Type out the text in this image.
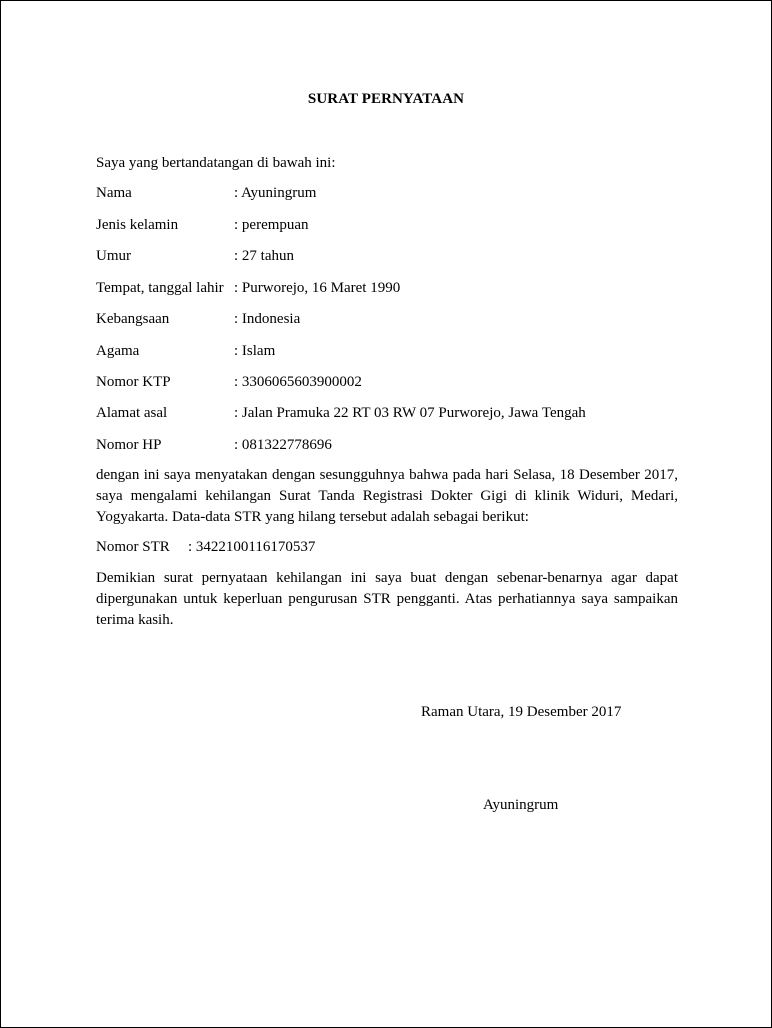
SURAT PERNYATAAN
Saya yang bertandatangan di bawah ini:
Nama	: Ayuningrum
Jenis kelamin	: perempuan
Umur	: 27 tahun
Tempat, tanggal lahir : Purworejo, 16 Maret 1990
Kebangsaan	: Indonesia
Agama	: Islam
Nomor KTP	: 3306065603900002
Alamat asal	: Jalan Pramuka 22 RT 03 RW 07 Purworejo, Jawa Tengah
Nomor HP	: 081322778696
dengan ini saya menyatakan dengan sesungguhnya bahwa pada hari Selasa, 18 Desember 2017, saya mengalami kehilangan Surat Tanda Registrasi Dokter Gigi di klinik Widuri, Medari, Yogyakarta. Data-data STR yang hilang tersebut adalah sebagai berikut:
Nomor STR : 3422100116170537
Demikian surat pernyataan kehilangan ini saya buat dengan sebenar-benarnya agar dapat dipergunakan untuk keperluan pengurusan STR pengganti. Atas perhatiannya saya sampaikan terima kasih.
Raman Utara, 19 Desember 2017
Ayuningrum
